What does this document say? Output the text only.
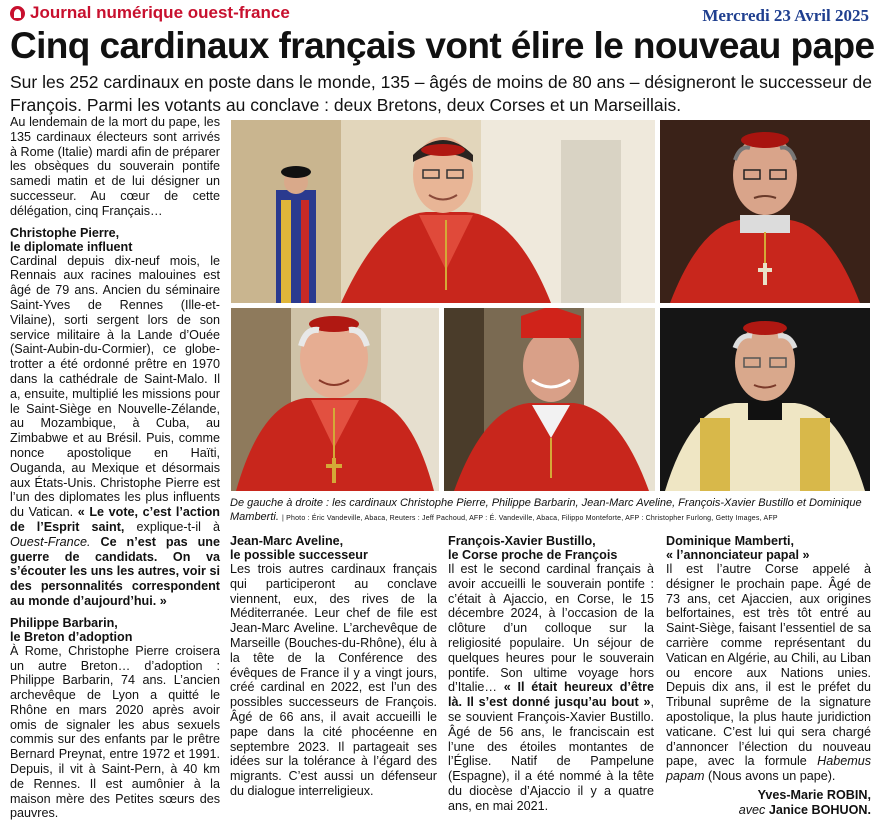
Journal numérique ouest-france	Mercredi 23 Avril 2025
Cinq cardinaux français vont élire le nouveau pape

Sur les 252 cardinaux en poste dans le monde, 135 – âgés de moins de 80 ans – désigneront le successeur de François. Parmi les votants au conclave : deux Bretons, deux Corses et un Marseillais.

De gauche à droite : les cardinaux Christophe Pierre, Philippe Barbarin, Jean-Marc Aveline, François-Xavier Bustillo et Dominique Mamberti. | Photo : Éric Vandeville, Abaca, Reuters : Jeff Pachoud, AFP : É. Vandeville, Abaca, Filippo Monteforte, AFP : Christopher Furlong, Getty Images, AFP

Au lendemain de la mort du pape, les 135 cardinaux électeurs sont arrivés à Rome (Italie) mardi afin de préparer les obsèques du souverain pontife samedi matin et de lui désigner un successeur. Au cœur de cette délégation, cinq Français…

Christophe Pierre,
le diplomate influent

Cardinal depuis dix-neuf mois, le Rennais aux racines malouines est âgé de 79 ans. Ancien du séminaire Saint-Yves de Rennes (Ille-et-Vilaine), sorti sergent lors de son service militaire à la Lande d’Ouée (Saint-Aubin-du-Cormier), ce globe-trotter a été ordonné prêtre en 1970 dans la cathédrale de Saint-Malo. Il a, ensuite, multiplié les missions pour le Saint-Siège en Nouvelle-Zélande, au Mozambique, à Cuba, au Zimbabwe et au Brésil. Puis, comme nonce apostolique en Haïti, Ouganda, au Mexique et désormais aux États-Unis. Christophe Pierre est l’un des diplomates les plus influents du Vatican. « Le vote, c’est l’action de l’Esprit saint, explique-t-il à Ouest-France. Ce n’est pas une guerre de candidats. On va s’écouter les uns les autres, voir si des personnalités correspondent au monde d’aujourd’hui. »

Philippe Barbarin,
le Breton d’adoption

À Rome, Christophe Pierre croisera un autre Breton… d’adoption : Philippe Barbarin, 74 ans. L’ancien archevêque de Lyon a quitté le Rhône en mars 2020 après avoir omis de signaler les abus sexuels commis sur des enfants par le prêtre Bernard Preynat, entre 1972 et 1991. Depuis, il vit à Saint-Pern, à 40 km de Rennes. Il est aumônier à la maison mère des Petites sœurs des pauvres.

Jean-Marc Aveline,
le possible successeur

Les trois autres cardinaux français qui participeront au conclave viennent, eux, des rives de la Méditerranée. Leur chef de file est Jean-Marc Aveline. L’archevêque de Marseille (Bouches-du-Rhône), élu à la tête de la Conférence des évêques de France il y a vingt jours, créé cardinal en 2022, est l’un des possibles successeurs de François. Âgé de 66 ans, il avait accueilli le pape dans la cité phocéenne en septembre 2023. Il partageait ses idées sur la tolérance à l’égard des migrants. C’est aussi un défenseur du dialogue interreligieux.

François-Xavier Bustillo,
le Corse proche de François

Il est le second cardinal français à avoir accueilli le souverain pontife : c’était à Ajaccio, en Corse, le 15 décembre 2024, à l’occasion de la clôture d’un colloque sur la religiosité populaire. Un séjour de quelques heures pour le souverain pontife. Son ultime voyage hors d’Italie… « Il était heureux d’être là. Il s’est donné jusqu’au bout », se souvient François-Xavier Bustillo. Âgé de 56 ans, le franciscain est l’une des étoiles montantes de l’Église. Natif de Pampelune (Espagne), il a été nommé à la tête du diocèse d’Ajaccio il y a quatre ans, en mai 2021.

Dominique Mamberti,
« l’annonciateur papal »

Il est l’autre Corse appelé à désigner le prochain pape. Âgé de 73 ans, cet Ajaccien, aux origines belfortaines, est très tôt entré au Saint-Siège, faisant l’essentiel de sa carrière comme représentant du Vatican en Algérie, au Chili, au Liban ou encore aux Nations unies. Depuis dix ans, il est le préfet du Tribunal suprême de la signature apostolique, la plus haute juridiction vaticane. C’est lui qui sera chargé d’annoncer l’élection du nouveau pape, avec la formule Habemus papam (Nous avons un pape).

Yves-Marie ROBIN,
avec Janice BOHUON.
